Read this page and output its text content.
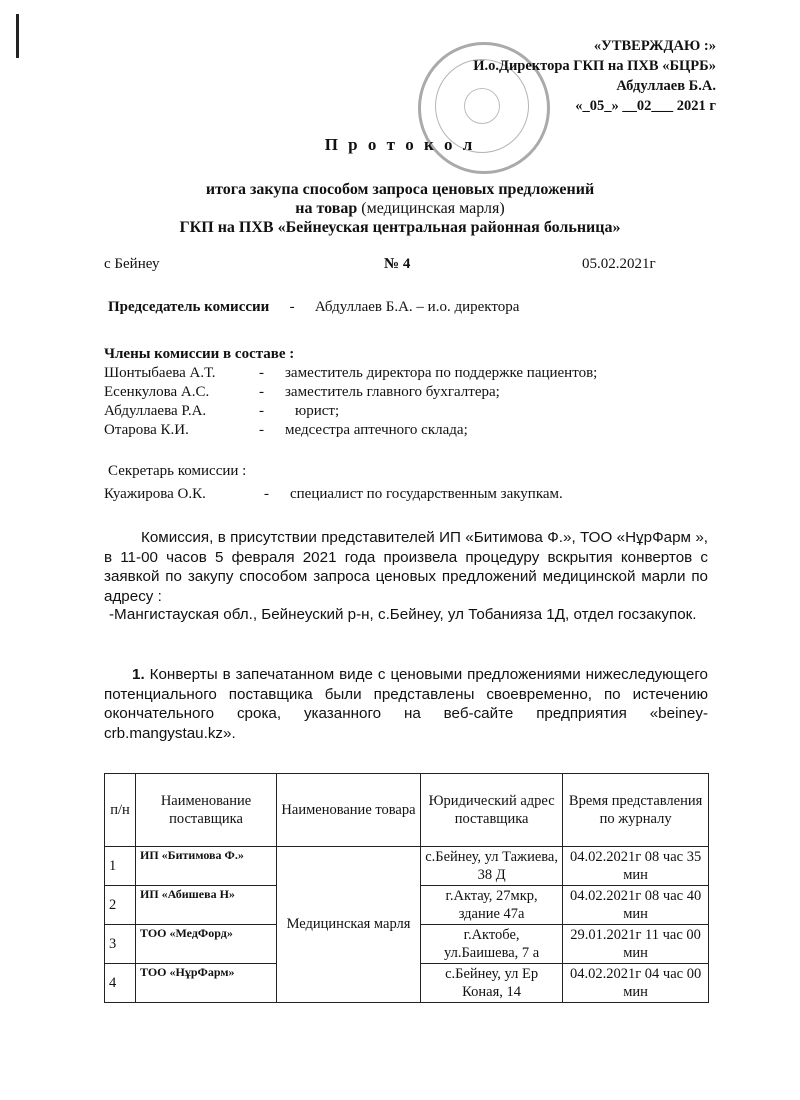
«УТВЕРЖДАЮ :»
И.о.Директора ГКП на ПХВ «БЦРБ»
Абдуллаев Б.А.
«_05_» __02___ 2021 г
П р о т о к о л
итога закупа способом запроса ценовых предложений
на товар (медицинская марля)
ГКП на ПХВ «Бейнеуская центральная районная больница»
с Бейнеу	№ 4	05.02.2021г
Председатель комиссии - Абдуллаев Б.А. – и.о. директора
Члены комиссии в составе :
Шонтыбаева А.Т.	- заместитель директора по поддержке пациентов;
Есенкулова А.С.	- заместитель главного бухгалтера;
Абдуллаева Р.А.	- юрист;
Отарова К.И.	- медсестра аптечного склада;
Секретарь комиссии :
Куажирова О.К.	- специалист по государственным закупкам.
Комиссия, в присутствии представителей ИП «Битимова Ф.», ТОО «НұрФарм », в 11-00 часов 5 февраля 2021 года произвела процедуру вскрытия конвертов с заявкой по закупу способом запроса ценовых предложений медицинской марли по адресу :
-Мангистауская обл., Бейнеуский р-н, с.Бейнеу, ул Тобанияза 1Д, отдел госзакупок.
1. Конверты в запечатанном виде с ценовыми предложениями нижеследующего потенциального поставщика были представлены своевременно, по истечению окончательного срока, указанного на веб-сайте предприятия «beiney-crb.mangystau.kz».
п/н	Наименование поставщика	Наименование товара	Юридический адрес поставщика	Время представления по журналу
1	ИП «Битимова Ф.»	Медицинская марля	с.Бейнеу, ул Тажиева, 38 Д	04.02.2021г 08 час 35 мин
2	ИП «Абишева Н»		г.Актау, 27мкр, здание 47а	04.02.2021г 08 час 40 мин
3	ТОО «МедФорд»		г.Актобе, ул.Баишева, 7 а	29.01.2021г 11 час 00 мин
4	ТОО «НұрФарм»		с.Бейнеу, ул Ер Коная, 14	04.02.2021г 04 час 00 мин
